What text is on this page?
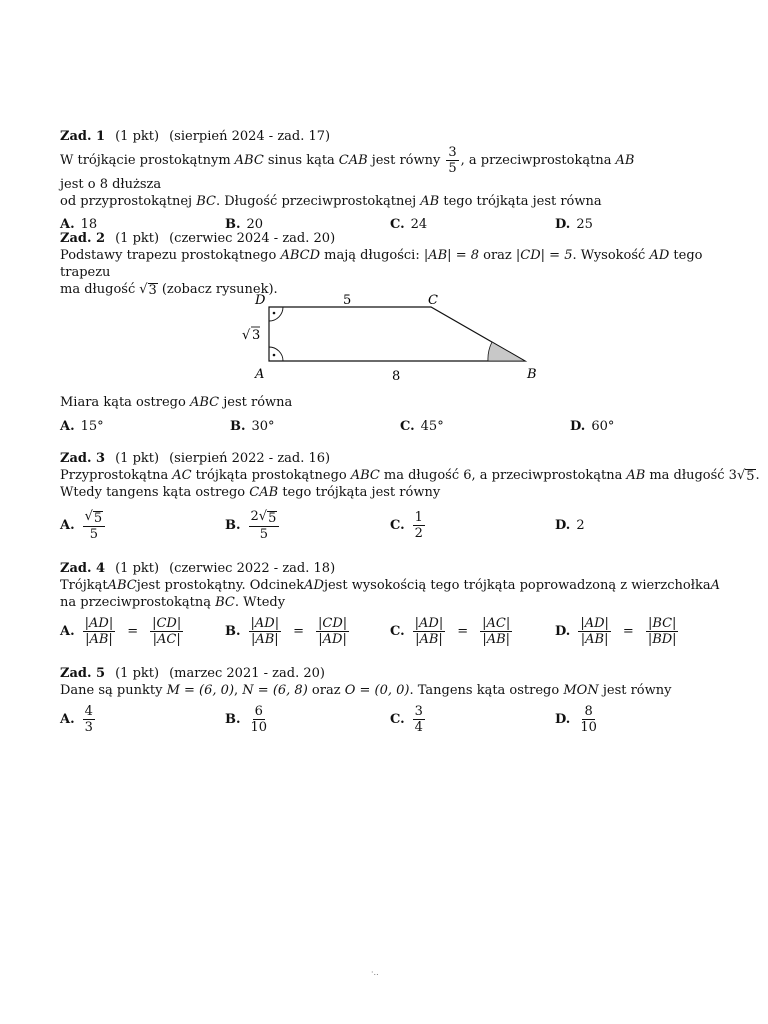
Zad. 1 (1 pkt) (sierpień 2024 - zad. 17)
W trójkącie prostokątnym ABC sinus kąta CAB jest równy $\frac{3}{5}$ , a przeciwprostokątna AB
jest o 8 dłuższa
od przyprostokątnej BC. Długość przeciwprostokątnej AB tego trójkąta jest równa
A. 18	B. 20	C. 24	D. 25
Zad. 2 (1 pkt) (czerwiec 2024 - zad. 20)
Podstawy trapezu prostokątnego ABCD mają długości: |AB| = 8 oraz |CD| = 5. Wysokość AD tego trapezu
ma długość √ 3 (zobacz rysunek).
D	C
A	B
5
8
√ 3
Miara kąta ostrego ABC jest równa
A. 15°	B. 30°	C. 45°	D. 60°
Zad. 3 (1 pkt) (sierpień 2022 - zad. 16)
Przyprostokątna AC trójkąta prostokątnego ABC ma długość 6, a przeciwprostokątna AB ma długość 3 √ 5 .
Wtedy tangens kąta ostrego CAB tego trójkąta jest równy
A. $\frac{√ 5}{5}$	B. $\frac{2 √ 5}{5}$	C. $\frac{1}{2}$	D. 2
Zad. 4 (1 pkt) (czerwiec 2022 - zad. 18)
Trójkąt ABC jest prostokątny. Odcinek AD jest wysokością tego trójkąta poprowadzoną z wierzchołka A
na przeciwprostokątną BC. Wtedy
A. $\frac{|AD|}{|AB|} = \frac{|CD|}{|AC|}$	B. $\frac{|AD|}{|AB|} = \frac{|CD|}{|AD|}$	C. $\frac{|AD|}{|AB|} = \frac{|AC|}{|AB|}$	D. $\frac{|AD|}{|AB|} = \frac{|BC|}{|BD|}$
Zad. 5 (1 pkt) (marzec 2021 - zad. 20)
Dane są punkty M = (6, 0), N = (6, 8) oraz O = (0, 0). Tangens kąta ostrego MON jest równy
A. $\frac{4}{3}$	B. $\frac{6}{10}$	C. $\frac{3}{4}$	D. $\frac{8}{10}$
·..
